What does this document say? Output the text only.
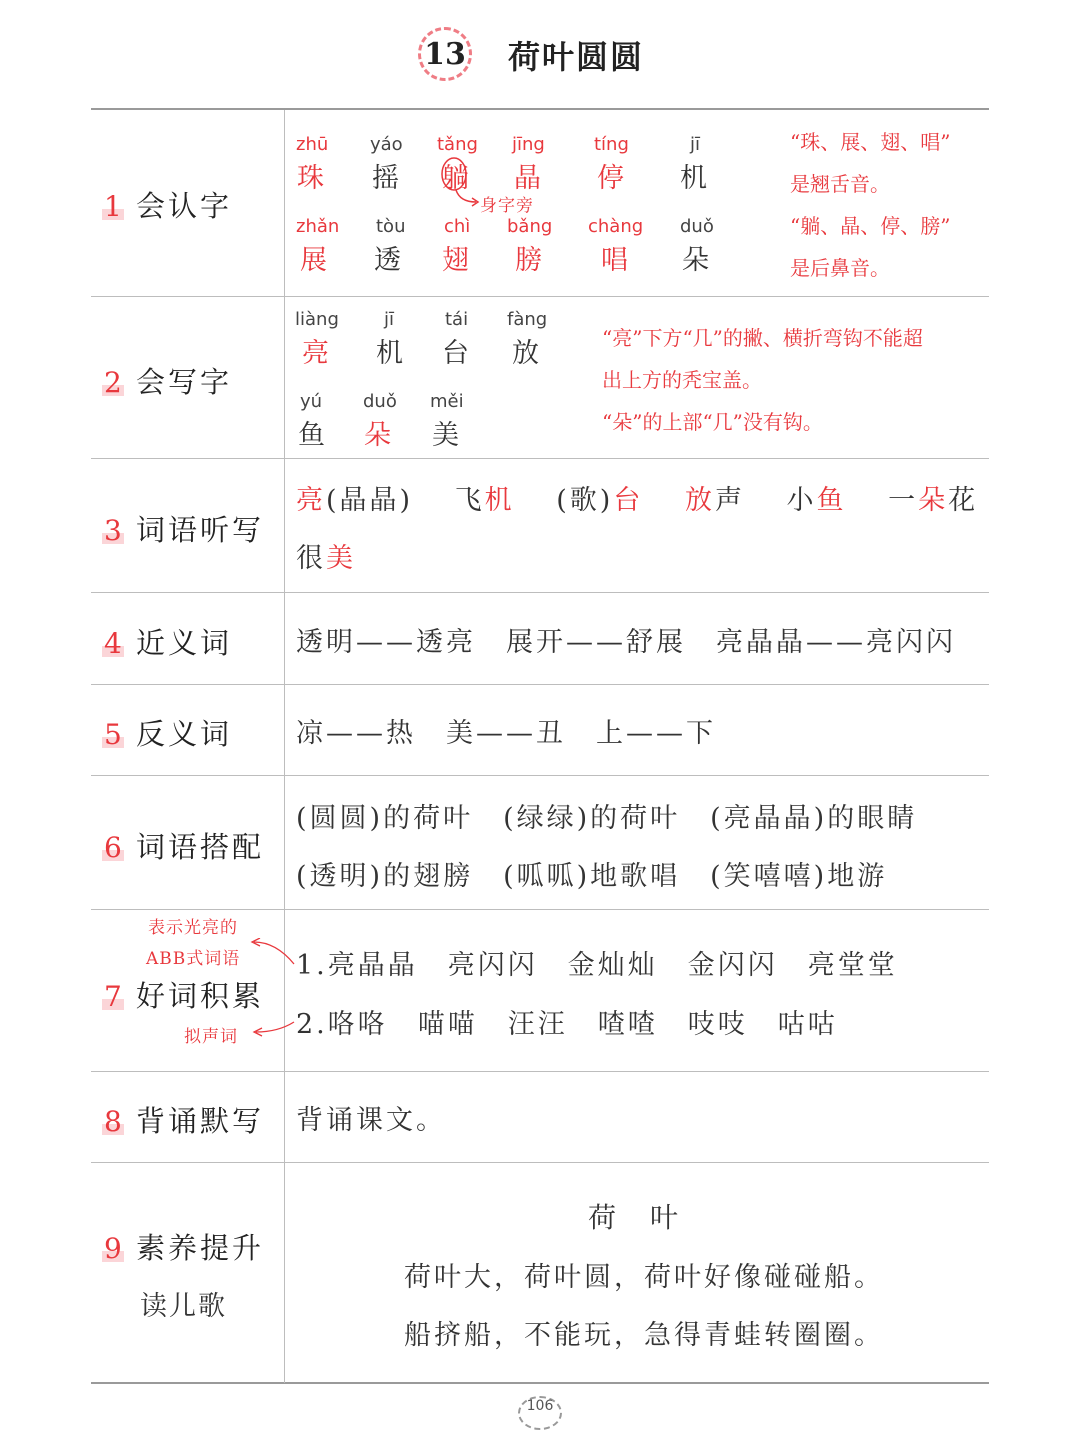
13 荷叶圆圆
1 会认字
zhū
珠
yáo
摇
tǎng
躺
jīng
晶
tíng
停
jī
机
身字旁
zhǎn
展
tòu
透
chì
翅
bǎng
膀
chàng
唱
duǒ
朵
“珠、展、翅、唱”
是翘舌音。
“躺、晶、停、膀”
是后鼻音。
2 会写字
liàng
亮
jī
机
tái
台
fàng
放
yú
鱼
duǒ
朵
měi
美
“亮”下方“几”的撇、横折弯钩不能超
出上方的秃宝盖。
“朵”的上部“几”没有钩。
3 词语听写
亮(晶晶)　 飞机　 (歌)台　 放声　 小鱼　 一朵花
很美
4 近义词 透明——透亮　展开——舒展　亮晶晶——亮闪闪
5 反义词 凉——热　美——丑　上——下
6 词语搭配
(圆圆)的荷叶　(绿绿)的荷叶　(亮晶晶)的眼睛
(透明)的翅膀　(呱呱)地歌唱　(笑嘻嘻)地游
表示光亮的
ABB式词语
7 好词积累
拟声词
1.亮晶晶　亮闪闪　金灿灿　金闪闪　亮堂堂
2.咯咯　喵喵　汪汪　喳喳　吱吱　咕咕
8 背诵默写 背诵课文。
9 素养提升
读儿歌
荷　叶
荷叶大，荷叶圆，荷叶好像碰碰船。
船挤船，不能玩，急得青蛙转圈圈。
106
